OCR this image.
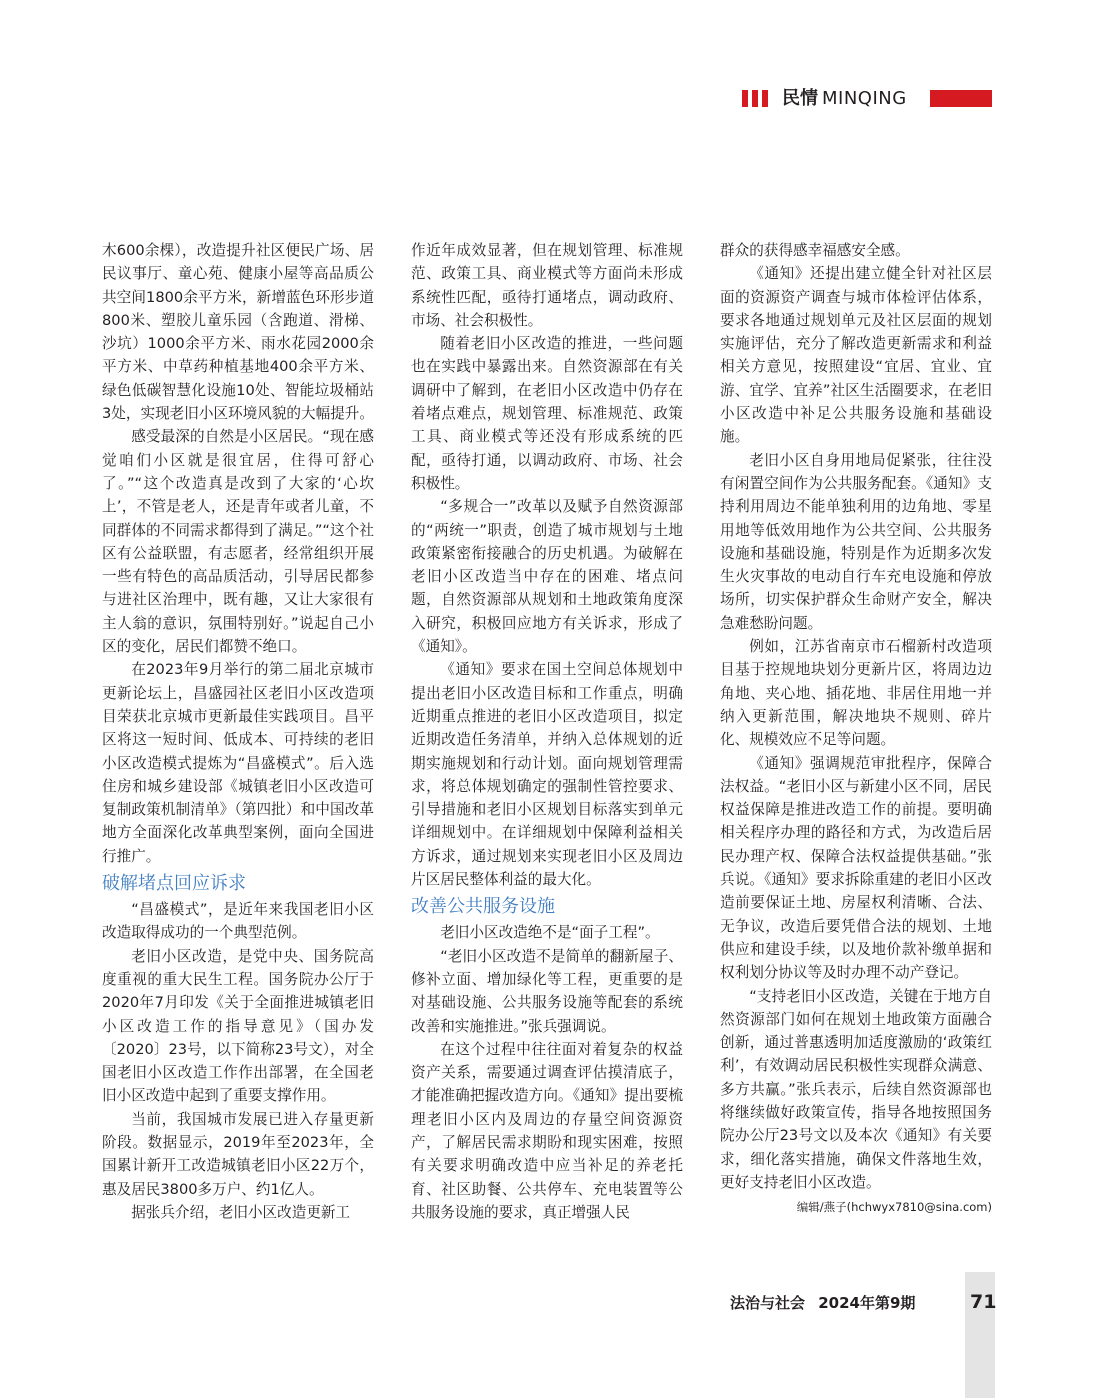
民情 MINQING

木600余棵），改造提升社区便民广场、居民议事厅、童心苑、健康小屋等高品质公共空间1800余平方米，新增蓝色环形步道800米、塑胶儿童乐园（含跑道、滑梯、沙坑）1000余平方米、雨水花园2000余平方米、中草药种植基地400余平方米、绿色低碳智慧化设施10处、智能垃圾桶站3处，实现老旧小区环境风貌的大幅提升。

感受最深的自然是小区居民。“现在感觉咱们小区就是很宜居，住得可舒心了。”“这个改造真是改到了大家的‘心坎上’，不管是老人，还是青年或者儿童，不同群体的不同需求都得到了满足。”“这个社区有公益联盟，有志愿者，经常组织开展一些有特色的高品质活动，引导居民都参与进社区治理中，既有趣，又让大家很有主人翁的意识，氛围特别好。”说起自己小区的变化，居民们都赞不绝口。

在2023年9月举行的第二届北京城市更新论坛上，昌盛园社区老旧小区改造项目荣获北京城市更新最佳实践项目。昌平区将这一短时间、低成本、可持续的老旧小区改造模式提炼为“昌盛模式”。后入选住房和城乡建设部《城镇老旧小区改造可复制政策机制清单》（第四批）和中国改革地方全面深化改革典型案例，面向全国进行推广。

破解堵点回应诉求

“昌盛模式”，是近年来我国老旧小区改造取得成功的一个典型范例。

老旧小区改造，是党中央、国务院高度重视的重大民生工程。国务院办公厅于2020年7月印发《关于全面推进城镇老旧小区改造工作的指导意见》（国办发〔2020〕23号，以下简称23号文），对全国老旧小区改造工作作出部署，在全国老旧小区改造中起到了重要支撑作用。

当前，我国城市发展已进入存量更新阶段。数据显示，2019年至2023年，全国累计新开工改造城镇老旧小区22万个，惠及居民3800多万户、约1亿人。

据张兵介绍，老旧小区改造更新工

作近年成效显著，但在规划管理、标准规范、政策工具、商业模式等方面尚未形成系统性匹配，亟待打通堵点，调动政府、市场、社会积极性。

随着老旧小区改造的推进，一些问题也在实践中暴露出来。自然资源部在有关调研中了解到，在老旧小区改造中仍存在着堵点难点，规划管理、标准规范、政策工具、商业模式等还没有形成系统的匹配，亟待打通，以调动政府、市场、社会积极性。

“多规合一”改革以及赋予自然资源部的“两统一”职责，创造了城市规划与土地政策紧密衔接融合的历史机遇。为破解在老旧小区改造当中存在的困难、堵点问题，自然资源部从规划和土地政策角度深入研究，积极回应地方有关诉求，形成了《通知》。

《通知》要求在国土空间总体规划中提出老旧小区改造目标和工作重点，明确近期重点推进的老旧小区改造项目，拟定近期改造任务清单，并纳入总体规划的近期实施规划和行动计划。面向规划管理需求，将总体规划确定的强制性管控要求、引导措施和老旧小区规划目标落实到单元详细规划中。在详细规划中保障利益相关方诉求，通过规划来实现老旧小区及周边片区居民整体利益的最大化。

改善公共服务设施

老旧小区改造绝不是“面子工程”。

“老旧小区改造不是简单的翻新屋子、修补立面、增加绿化等工程，更重要的是对基础设施、公共服务设施等配套的系统改善和实施推进。”张兵强调说。

在这个过程中往往面对着复杂的权益资产关系，需要通过调查评估摸清底子，才能准确把握改造方向。《通知》提出要梳理老旧小区内及周边的存量空间资源资产，了解居民需求期盼和现实困难，按照有关要求明确改造中应当补足的养老托育、社区助餐、公共停车、充电装置等公共服务设施的要求，真正增强人民

群众的获得感幸福感安全感。

《通知》还提出建立健全针对社区层面的资源资产调查与城市体检评估体系，要求各地通过规划单元及社区层面的规划实施评估，充分了解改造更新需求和利益相关方意见，按照建设“宜居、宜业、宜游、宜学、宜养”社区生活圈要求，在老旧小区改造中补足公共服务设施和基础设施。

老旧小区自身用地局促紧张，往往没有闲置空间作为公共服务配套。《通知》支持利用周边不能单独利用的边角地、零星用地等低效用地作为公共空间、公共服务设施和基础设施，特别是作为近期多次发生火灾事故的电动自行车充电设施和停放场所，切实保护群众生命财产安全，解决急难愁盼问题。

例如，江苏省南京市石榴新村改造项目基于控规地块划分更新片区，将周边边角地、夹心地、插花地、非居住用地一并纳入更新范围，解决地块不规则、碎片化、规模效应不足等问题。

《通知》强调规范审批程序，保障合法权益。“老旧小区与新建小区不同，居民权益保障是推进改造工作的前提。要明确相关程序办理的路径和方式，为改造后居民办理产权、保障合法权益提供基础。”张兵说。《通知》要求拆除重建的老旧小区改造前要保证土地、房屋权利清晰、合法、无争议，改造后要凭借合法的规划、土地供应和建设手续，以及地价款补缴单据和权利划分协议等及时办理不动产登记。

“支持老旧小区改造，关键在于地方自然资源部门如何在规划土地政策方面融合创新，通过普惠透明加适度激励的‘政策红利’，有效调动居民积极性实现群众满意、多方共赢。”张兵表示，后续自然资源部也将继续做好政策宣传，指导各地按照国务院办公厅23号文以及本次《通知》有关要求，细化落实措施，确保文件落地生效，更好支持老旧小区改造。

编辑/燕子(hchwyx7810@sina.com)
法治与社会 2024年第9期	71
